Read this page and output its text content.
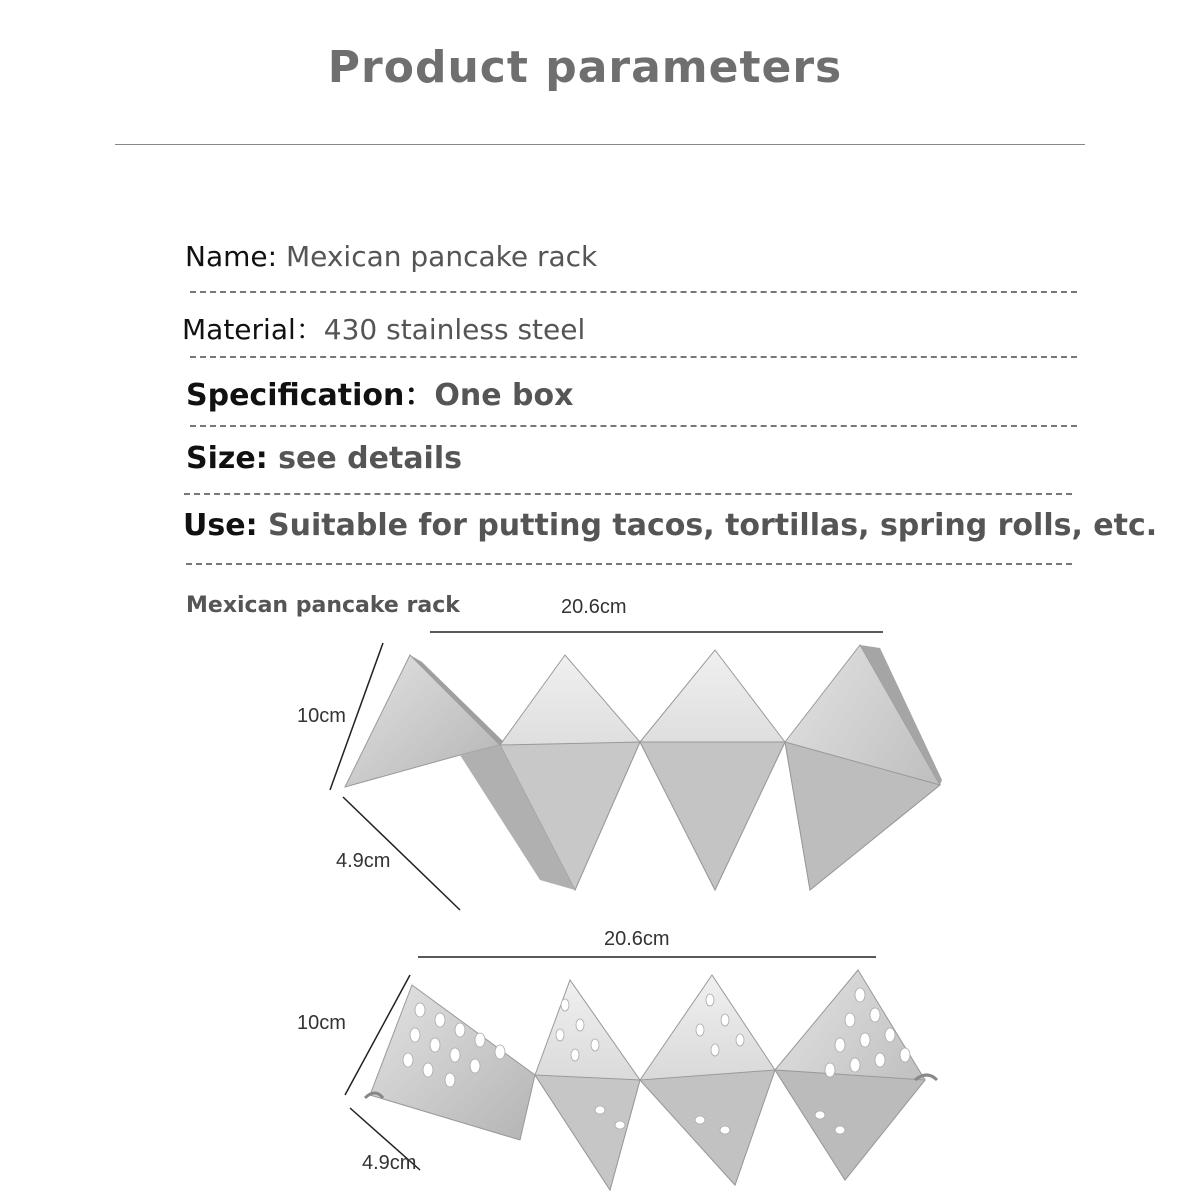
Product parameters
Name: Mexican pancake rack
Material：430 stainless steel
Specification：One box
Size: see details
Use: Suitable for putting tacos, tortillas, spring rolls, etc.
Mexican pancake rack	20.6cm
10cm
4.9cm
20.6cm
10cm
4.9cm
